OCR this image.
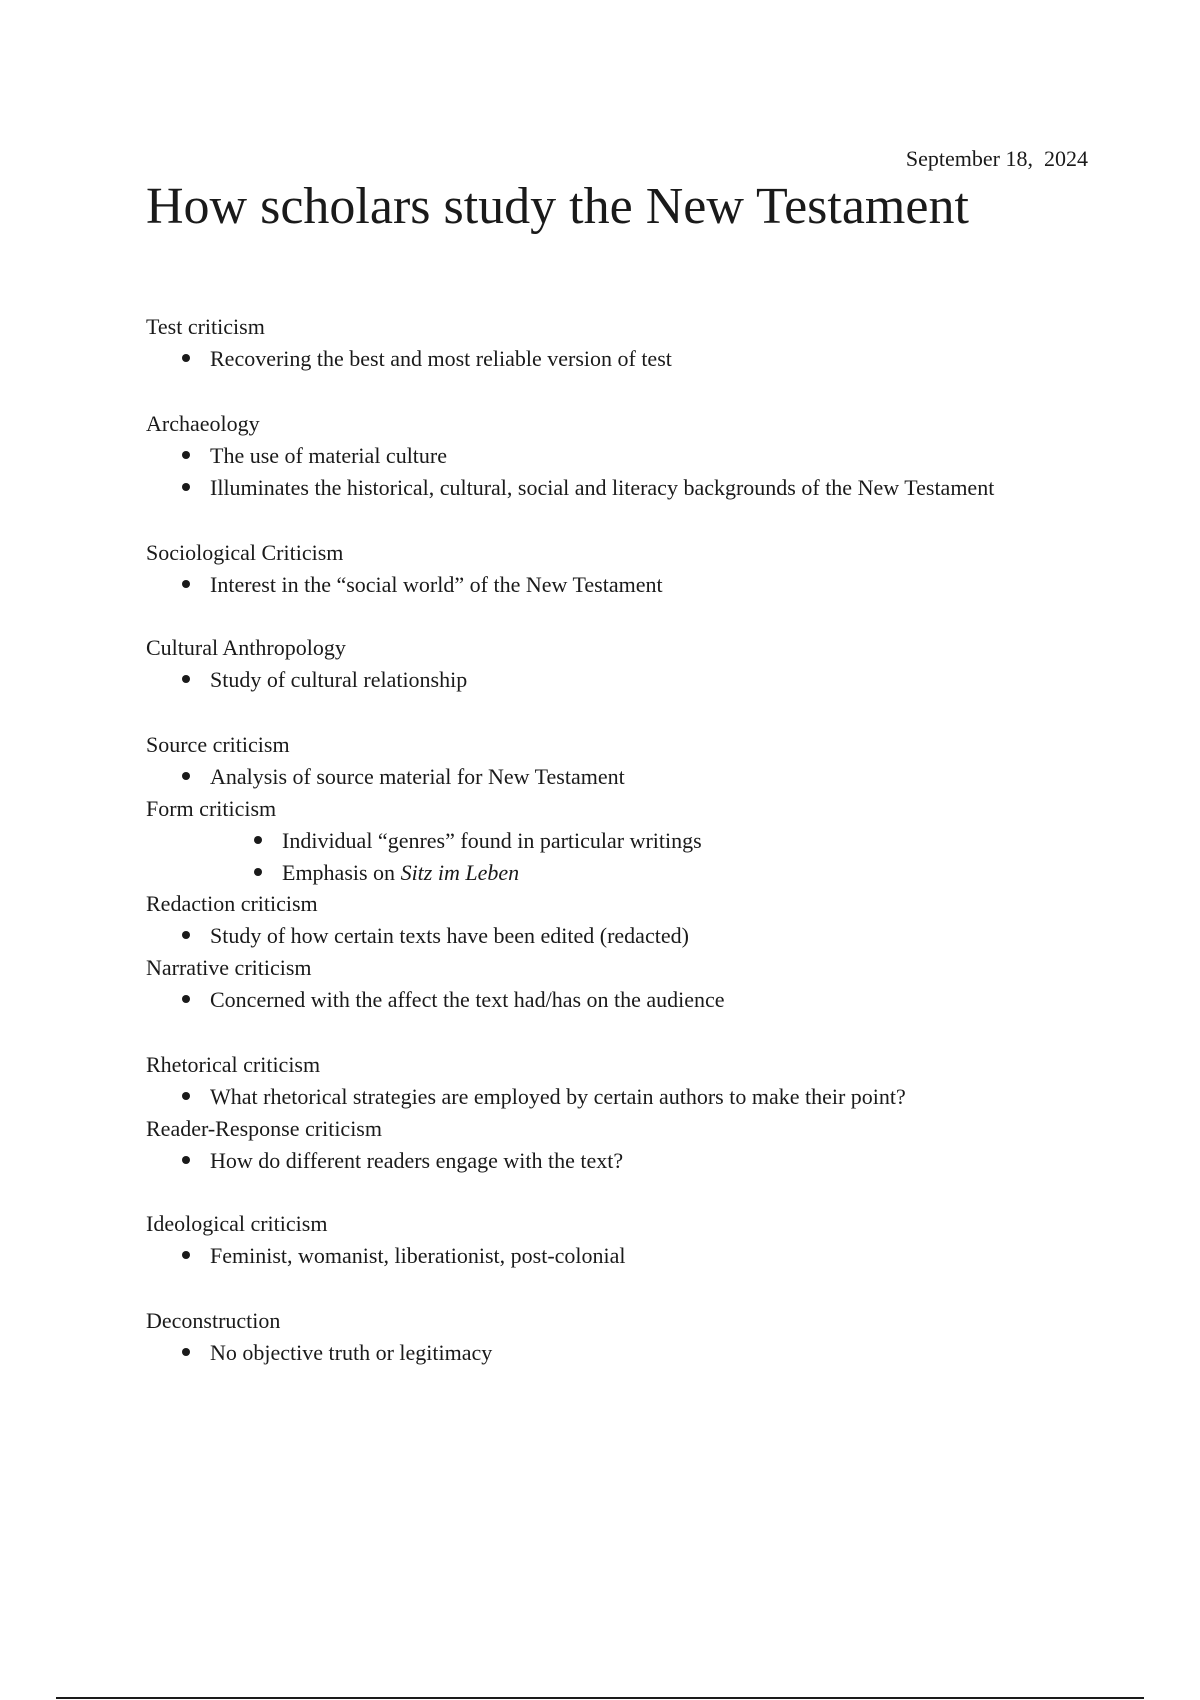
September 18,  2024
How scholars study the New Testament
Test criticism
Recovering the best and most reliable version of test
Archaeology
The use of material culture
Illuminates the historical, cultural, social and literacy backgrounds of the New Testament
Sociological Criticism
Interest in the “social world” of the New Testament
Cultural Anthropology
Study of cultural relationship
Source criticism
Analysis of source material for New Testament
Form criticism
Individual “genres” found in particular writings
Emphasis on Sitz im Leben
Redaction criticism
Study of how certain texts have been edited (redacted)
Narrative criticism
Concerned with the affect the text had/has on the audience
Rhetorical criticism
What rhetorical strategies are employed by certain authors to make their point?
Reader-Response criticism
How do different readers engage with the text?
Ideological criticism
Feminist, womanist, liberationist, post-colonial
Deconstruction
No objective truth or legitimacy
